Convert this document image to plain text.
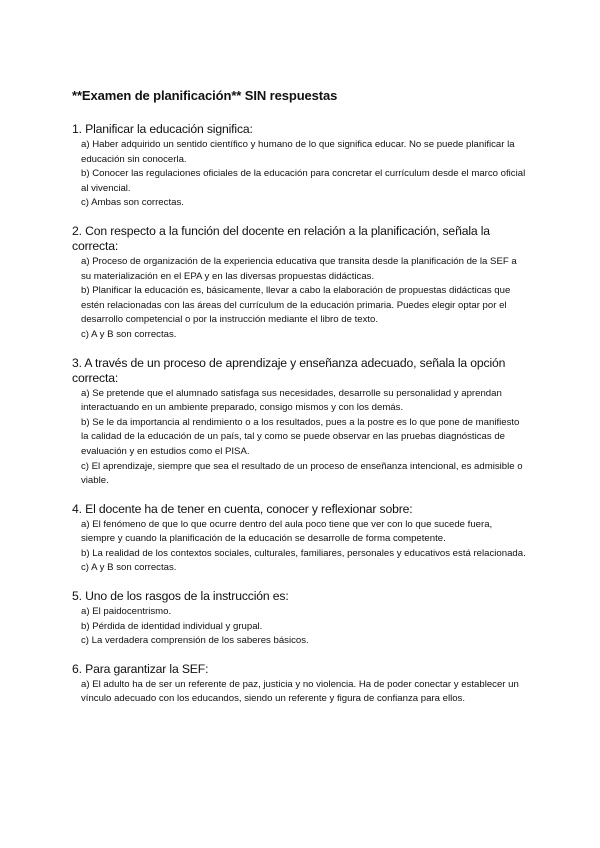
**Examen de planificación** SIN respuestas
1. Planificar la educación significa:
a) Haber adquirido un sentido científico y humano de lo que significa educar. No se puede planificar la educación sin conocerla.
b) Conocer las regulaciones oficiales de la educación para concretar el currículum desde el marco oficial al vivencial.
c) Ambas son correctas.
2. Con respecto a la función del docente en relación a la planificación, señala la correcta:
a) Proceso de organización de la experiencia educativa que transita desde la planificación de la SEF a su materialización en el EPA y en las diversas propuestas didácticas.
b) Planificar la educación es, básicamente, llevar a cabo la elaboración de propuestas didácticas que estén relacionadas con las áreas del currículum de la educación primaria. Puedes elegir optar por el desarrollo competencial o por la instrucción mediante el libro de texto.
c) A y B son correctas.
3. A través de un proceso de aprendizaje y enseñanza adecuado, señala la opción correcta:
a) Se pretende que el alumnado satisfaga sus necesidades, desarrolle su personalidad y aprendan interactuando en un ambiente preparado, consigo mismos y con los demás.
b) Se le da importancia al rendimiento o a los resultados, pues a la postre es lo que pone de manifiesto la calidad de la educación de un país, tal y como se puede observar en las pruebas diagnósticas de evaluación y en estudios como el PISA.
c) El aprendizaje, siempre que sea el resultado de un proceso de enseñanza intencional, es admisible o viable.
4. El docente ha de tener en cuenta, conocer y reflexionar sobre:
a) El fenómeno de que lo que ocurre dentro del aula poco tiene que ver con lo que sucede fuera, siempre y cuando la planificación de la educación se desarrolle de forma competente.
b) La realidad de los contextos sociales, culturales, familiares, personales y educativos está relacionada.
c) A y B son correctas.
5. Uno de los rasgos de la instrucción es:
a) El paidocentrismo.
b) Pérdida de identidad individual y grupal.
c) La verdadera comprensión de los saberes básicos.
6. Para garantizar la SEF:
a) El adulto ha de ser un referente de paz, justicia y no violencia. Ha de poder conectar y establecer un vínculo adecuado con los educandos, siendo un referente y figura de confianza para ellos.
